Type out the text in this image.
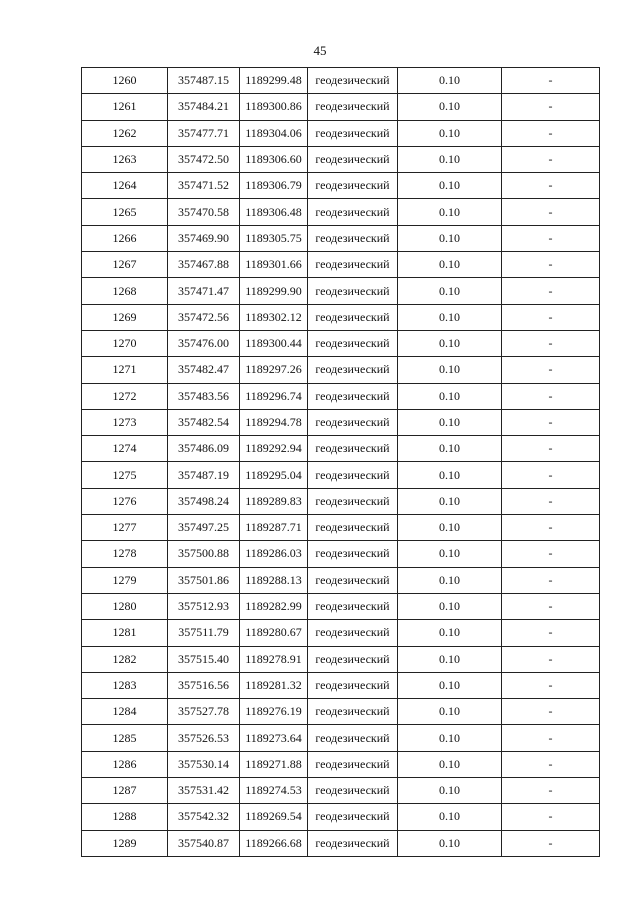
45
1260	357487.15	1189299.48	геодезический	0.10	-
1261	357484.21	1189300.86	геодезический	0.10	-
1262	357477.71	1189304.06	геодезический	0.10	-
1263	357472.50	1189306.60	геодезический	0.10	-
1264	357471.52	1189306.79	геодезический	0.10	-
1265	357470.58	1189306.48	геодезический	0.10	-
1266	357469.90	1189305.75	геодезический	0.10	-
1267	357467.88	1189301.66	геодезический	0.10	-
1268	357471.47	1189299.90	геодезический	0.10	-
1269	357472.56	1189302.12	геодезический	0.10	-
1270	357476.00	1189300.44	геодезический	0.10	-
1271	357482.47	1189297.26	геодезический	0.10	-
1272	357483.56	1189296.74	геодезический	0.10	-
1273	357482.54	1189294.78	геодезический	0.10	-
1274	357486.09	1189292.94	геодезический	0.10	-
1275	357487.19	1189295.04	геодезический	0.10	-
1276	357498.24	1189289.83	геодезический	0.10	-
1277	357497.25	1189287.71	геодезический	0.10	-
1278	357500.88	1189286.03	геодезический	0.10	-
1279	357501.86	1189288.13	геодезический	0.10	-
1280	357512.93	1189282.99	геодезический	0.10	-
1281	357511.79	1189280.67	геодезический	0.10	-
1282	357515.40	1189278.91	геодезический	0.10	-
1283	357516.56	1189281.32	геодезический	0.10	-
1284	357527.78	1189276.19	геодезический	0.10	-
1285	357526.53	1189273.64	геодезический	0.10	-
1286	357530.14	1189271.88	геодезический	0.10	-
1287	357531.42	1189274.53	геодезический	0.10	-
1288	357542.32	1189269.54	геодезический	0.10	-
1289	357540.87	1189266.68	геодезический	0.10	-
